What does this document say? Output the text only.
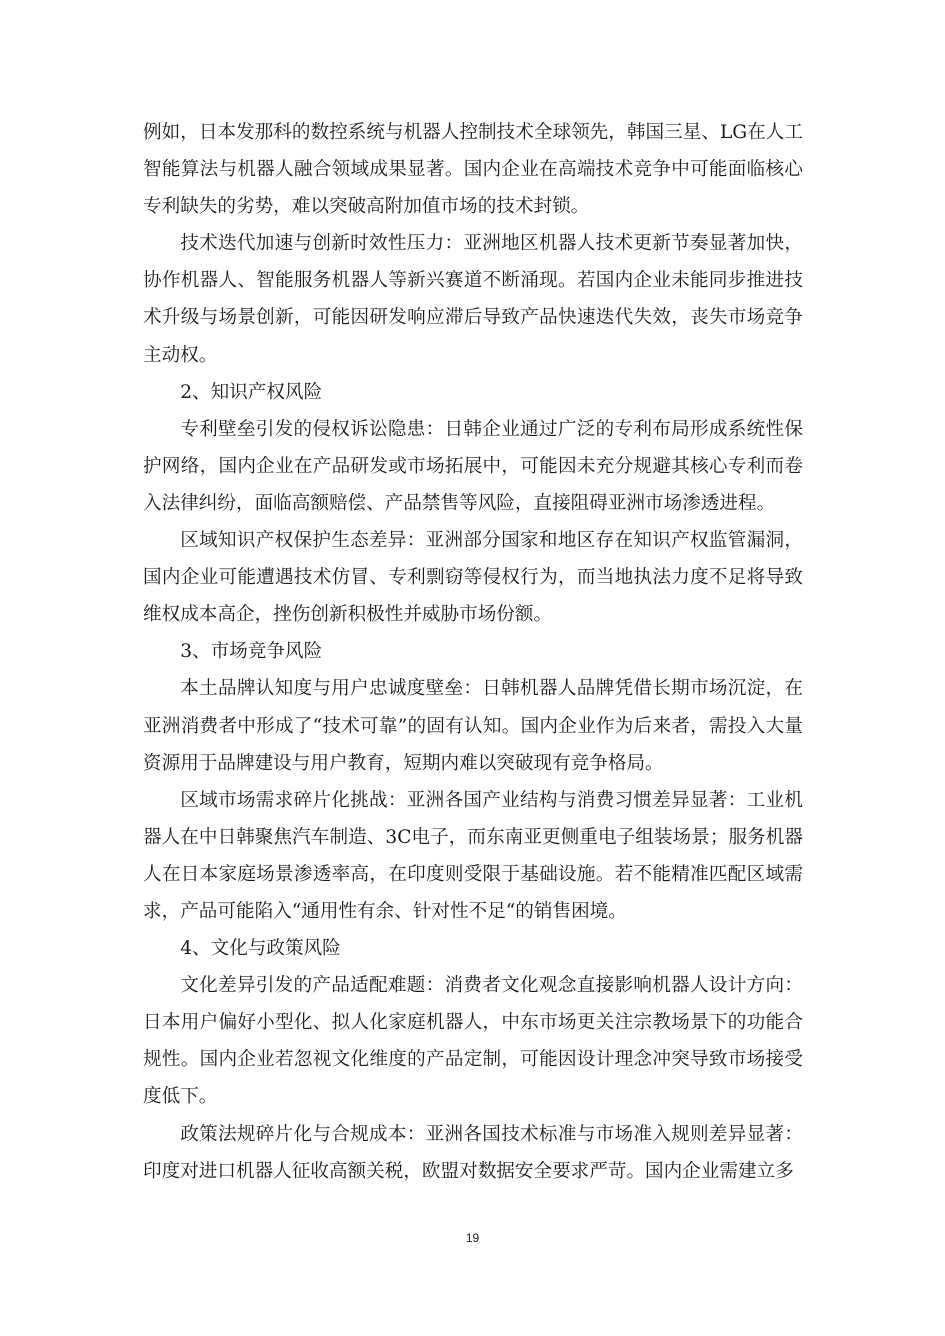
例如，日本发那科的数控系统与机器人控制技术全球领先，韩国三星、LG在人工智能算法与机器人融合领域成果显著。国内企业在高端技术竞争中可能面临核心专利缺失的劣势，难以突破高附加值市场的技术封锁。

技术迭代加速与创新时效性压力：亚洲地区机器人技术更新节奏显著加快，协作机器人、智能服务机器人等新兴赛道不断涌现。若国内企业未能同步推进技术升级与场景创新，可能因研发响应滞后导致产品快速迭代失效，丧失市场竞争主动权。

2、知识产权风险

专利壁垒引发的侵权诉讼隐患：日韩企业通过广泛的专利布局形成系统性保护网络，国内企业在产品研发或市场拓展中，可能因未充分规避其核心专利而卷入法律纠纷，面临高额赔偿、产品禁售等风险，直接阻碍亚洲市场渗透进程。

区域知识产权保护生态差异：亚洲部分国家和地区存在知识产权监管漏洞，国内企业可能遭遇技术仿冒、专利剽窃等侵权行为，而当地执法力度不足将导致维权成本高企，挫伤创新积极性并威胁市场份额。

3、市场竞争风险

本土品牌认知度与用户忠诚度壁垒：日韩机器人品牌凭借长期市场沉淀，在亚洲消费者中形成了“技术可靠”的固有认知。国内企业作为后来者，需投入大量资源用于品牌建设与用户教育，短期内难以突破现有竞争格局。

区域市场需求碎片化挑战：亚洲各国产业结构与消费习惯差异显著：工业机器人在中日韩聚焦汽车制造、3C电子，而东南亚更侧重电子组装场景；服务机器人在日本家庭场景渗透率高，在印度则受限于基础设施。若不能精准匹配区域需求，产品可能陷入“通用性有余、针对性不足“的销售困境。

4、文化与政策风险

文化差异引发的产品适配难题：消费者文化观念直接影响机器人设计方向：日本用户偏好小型化、拟人化家庭机器人，中东市场更关注宗教场景下的功能合规性。国内企业若忽视文化维度的产品定制，可能因设计理念冲突导致市场接受度低下。

政策法规碎片化与合规成本：亚洲各国技术标准与市场准入规则差异显著：印度对进口机器人征收高额关税，欧盟对数据安全要求严苛。国内企业需建立多

19
